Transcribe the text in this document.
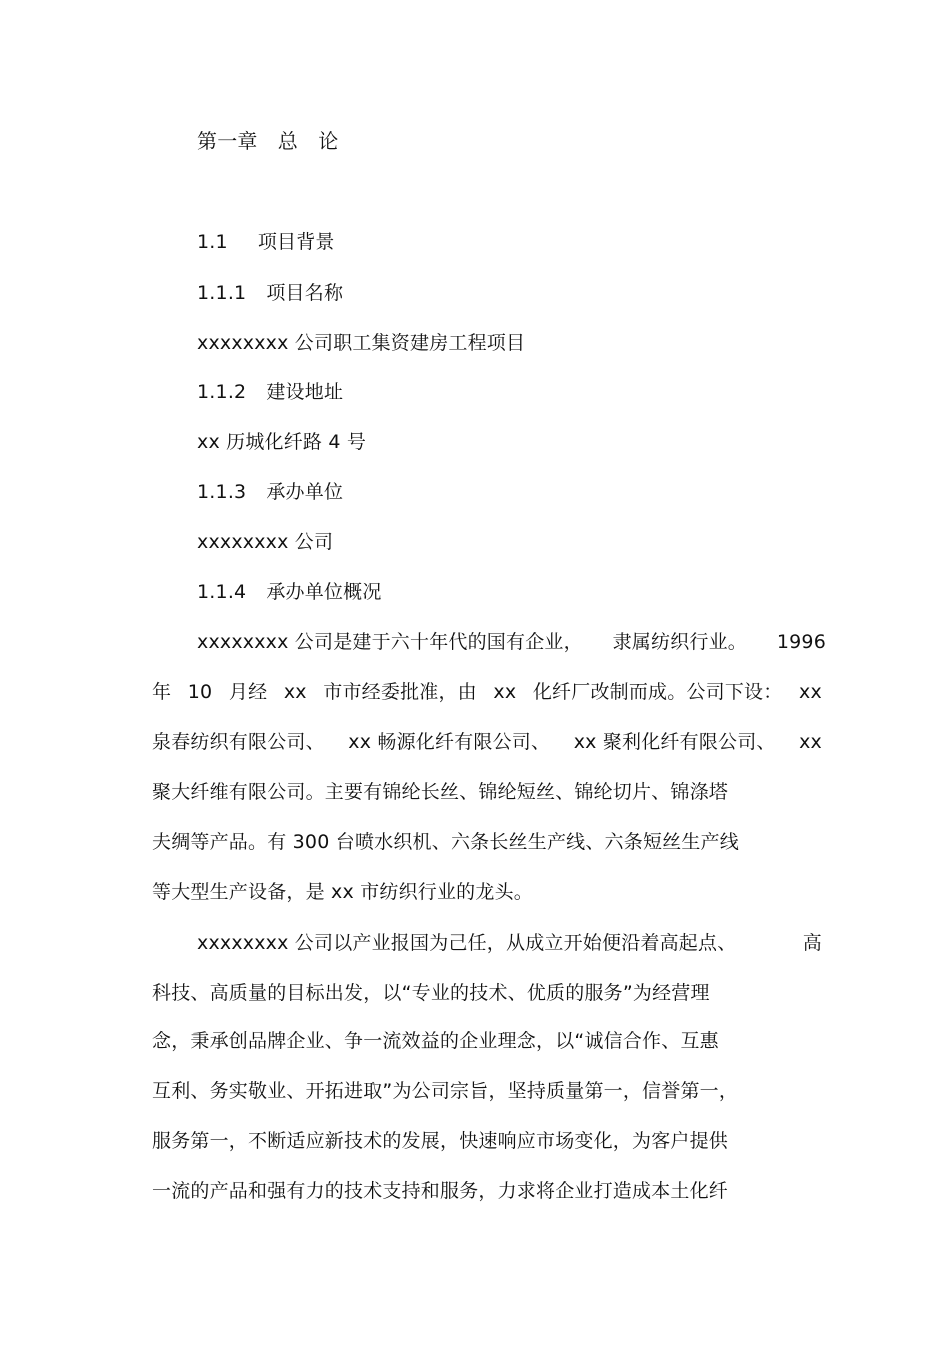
第一章　总　论
1.1 项目背景
1.1.1 项目名称
xxxxxxxx 公司职工集资建房工程项目
1.1.2 建设地址
xx 历城化纤路 4 号
1.1.3 承办单位
xxxxxxxx 公司
1.1.4 承办单位概况
xxxxxxxx 公司是建于六十年代的国有企业， 隶属纺织行业。 1996
年 10 月经 xx 市市经委批准，由 xx 化纤厂改制而成。公司下设： xx
泉春纺织有限公司、 xx 畅源化纤有限公司、 xx 聚利化纤有限公司、 xx
聚大纤维有限公司。主要有锦纶长丝、锦纶短丝、锦纶切片、锦涤塔
夫绸等产品。有 300 台喷水织机、六条长丝生产线、六条短丝生产线
等大型生产设备，是 xx 市纺织行业的龙头。
xxxxxxxx 公司以产业报国为己任，从成立开始便沿着高起点、	高
科技、高质量的目标出发，以“专业的技术、优质的服务”为经营理
念，秉承创品牌企业、争一流效益的企业理念，以“诚信合作、互惠
互利、务实敬业、开拓进取”为公司宗旨，坚持质量第一，信誉第一，
服务第一，不断适应新技术的发展，快速响应市场变化，为客户提供
一流的产品和强有力的技术支持和服务，力求将企业打造成本土化纤
